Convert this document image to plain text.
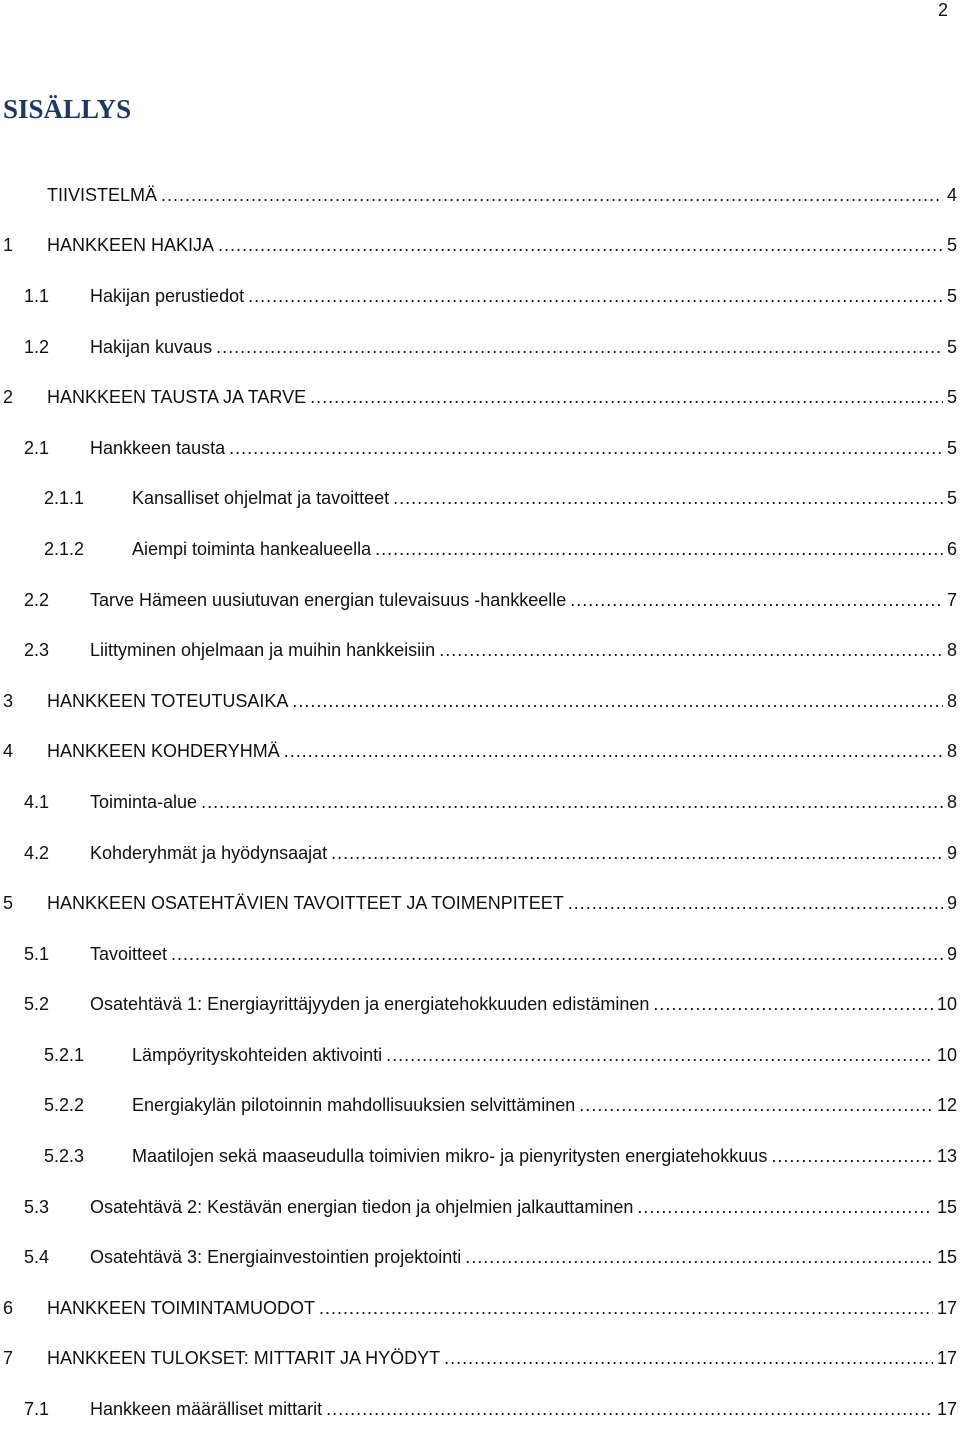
2
SISÄLLYS
TIIVISTELMÄ .....	4
1	HANKKEEN HAKIJA .....	5
1.1	Hakijan perustiedot .....	5
1.2	Hakijan kuvaus .....	5
2	HANKKEEN TAUSTA JA TARVE .....	5
2.1	Hankkeen tausta .....	5
2.1.1	Kansalliset ohjelmat ja tavoitteet .....	5
2.1.2	Aiempi toiminta hankealueella .....	6
2.2	Tarve Hämeen uusiutuvan energian tulevaisuus -hankkeelle .....	7
2.3	Liittyminen ohjelmaan ja muihin hankkeisiin .....	8
3	HANKKEEN TOTEUTUSAIKA .....	8
4	HANKKEEN KOHDERYHMÄ .....	8
4.1	Toiminta-alue .....	8
4.2	Kohderyhmät ja hyödynsaajat .....	9
5	HANKKEEN OSATEHTÄVIEN TAVOITTEET JA TOIMENPITEET .....	9
5.1	Tavoitteet .....	9
5.2	Osatehtävä 1: Energiayrittäjyyden ja energiatehokkuuden edistäminen .....	10
5.2.1	Lämpöyrityskohteiden aktivointi .....	10
5.2.2	Energiakylän pilotoinnin mahdollisuuksien selvittäminen .....	12
5.2.3	Maatilojen sekä maaseudulla toimivien mikro- ja pienyritysten energiatehokkuus .....	13
5.3	Osatehtävä 2: Kestävän energian tiedon ja ohjelmien jalkauttaminen .....	15
5.4	Osatehtävä 3: Energiainvestointien projektointi .....	15
6	HANKKEEN TOIMINTAMUODOT .....	17
7	HANKKEEN TULOKSET: MITTARIT JA HYÖDYT .....	17
7.1	Hankkeen määrälliset mittarit .....	17
